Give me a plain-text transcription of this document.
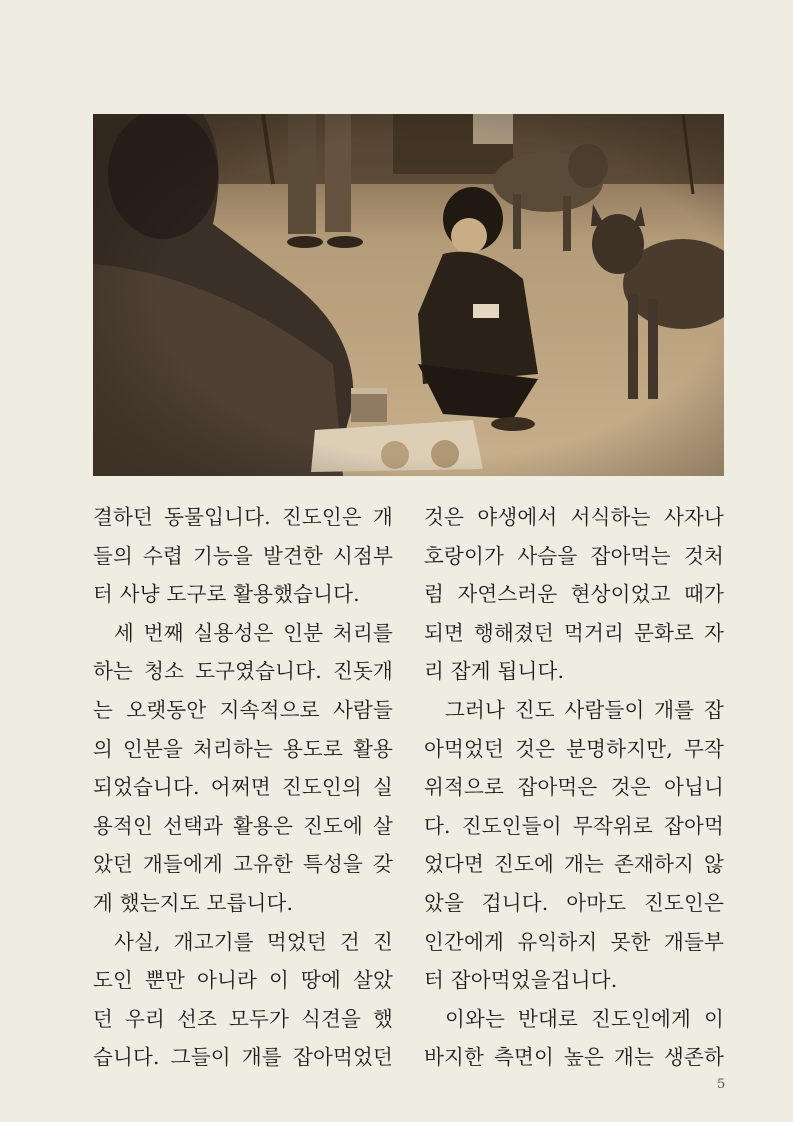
결하던 동물입니다. 진도인은 개

들의 수렵 기능을 발견한 시점부

터 사냥 도구로 활용했습니다.

세 번째 실용성은 인분 처리를

하는 청소 도구였습니다. 진돗개

는 오랫동안 지속적으로 사람들

의 인분을 처리하는 용도로 활용

되었습니다. 어쩌면 진도인의 실

용적인 선택과 활용은 진도에 살

았던 개들에게 고유한 특성을 갖

게 했는지도 모릅니다.

사실, 개고기를 먹었던 건 진

도인 뿐만 아니라 이 땅에 살았

던 우리 선조 모두가 식견을 했

습니다. 그들이 개를 잡아먹었던

것은 야생에서 서식하는 사자나

호랑이가 사슴을 잡아먹는 것처

럼 자연스러운 현상이었고 때가

되면 행해졌던 먹거리 문화로 자

리 잡게 됩니다.

그러나 진도 사람들이 개를 잡

아먹었던 것은 분명하지만, 무작

위적으로 잡아먹은 것은 아닙니

다. 진도인들이 무작위로 잡아먹

었다면 진도에 개는 존재하지 않

았을 겁니다. 아마도 진도인은

인간에게 유익하지 못한 개들부

터 잡아먹었을겁니다.

이와는 반대로 진도인에게 이

바지한 측면이 높은 개는 생존하

5
